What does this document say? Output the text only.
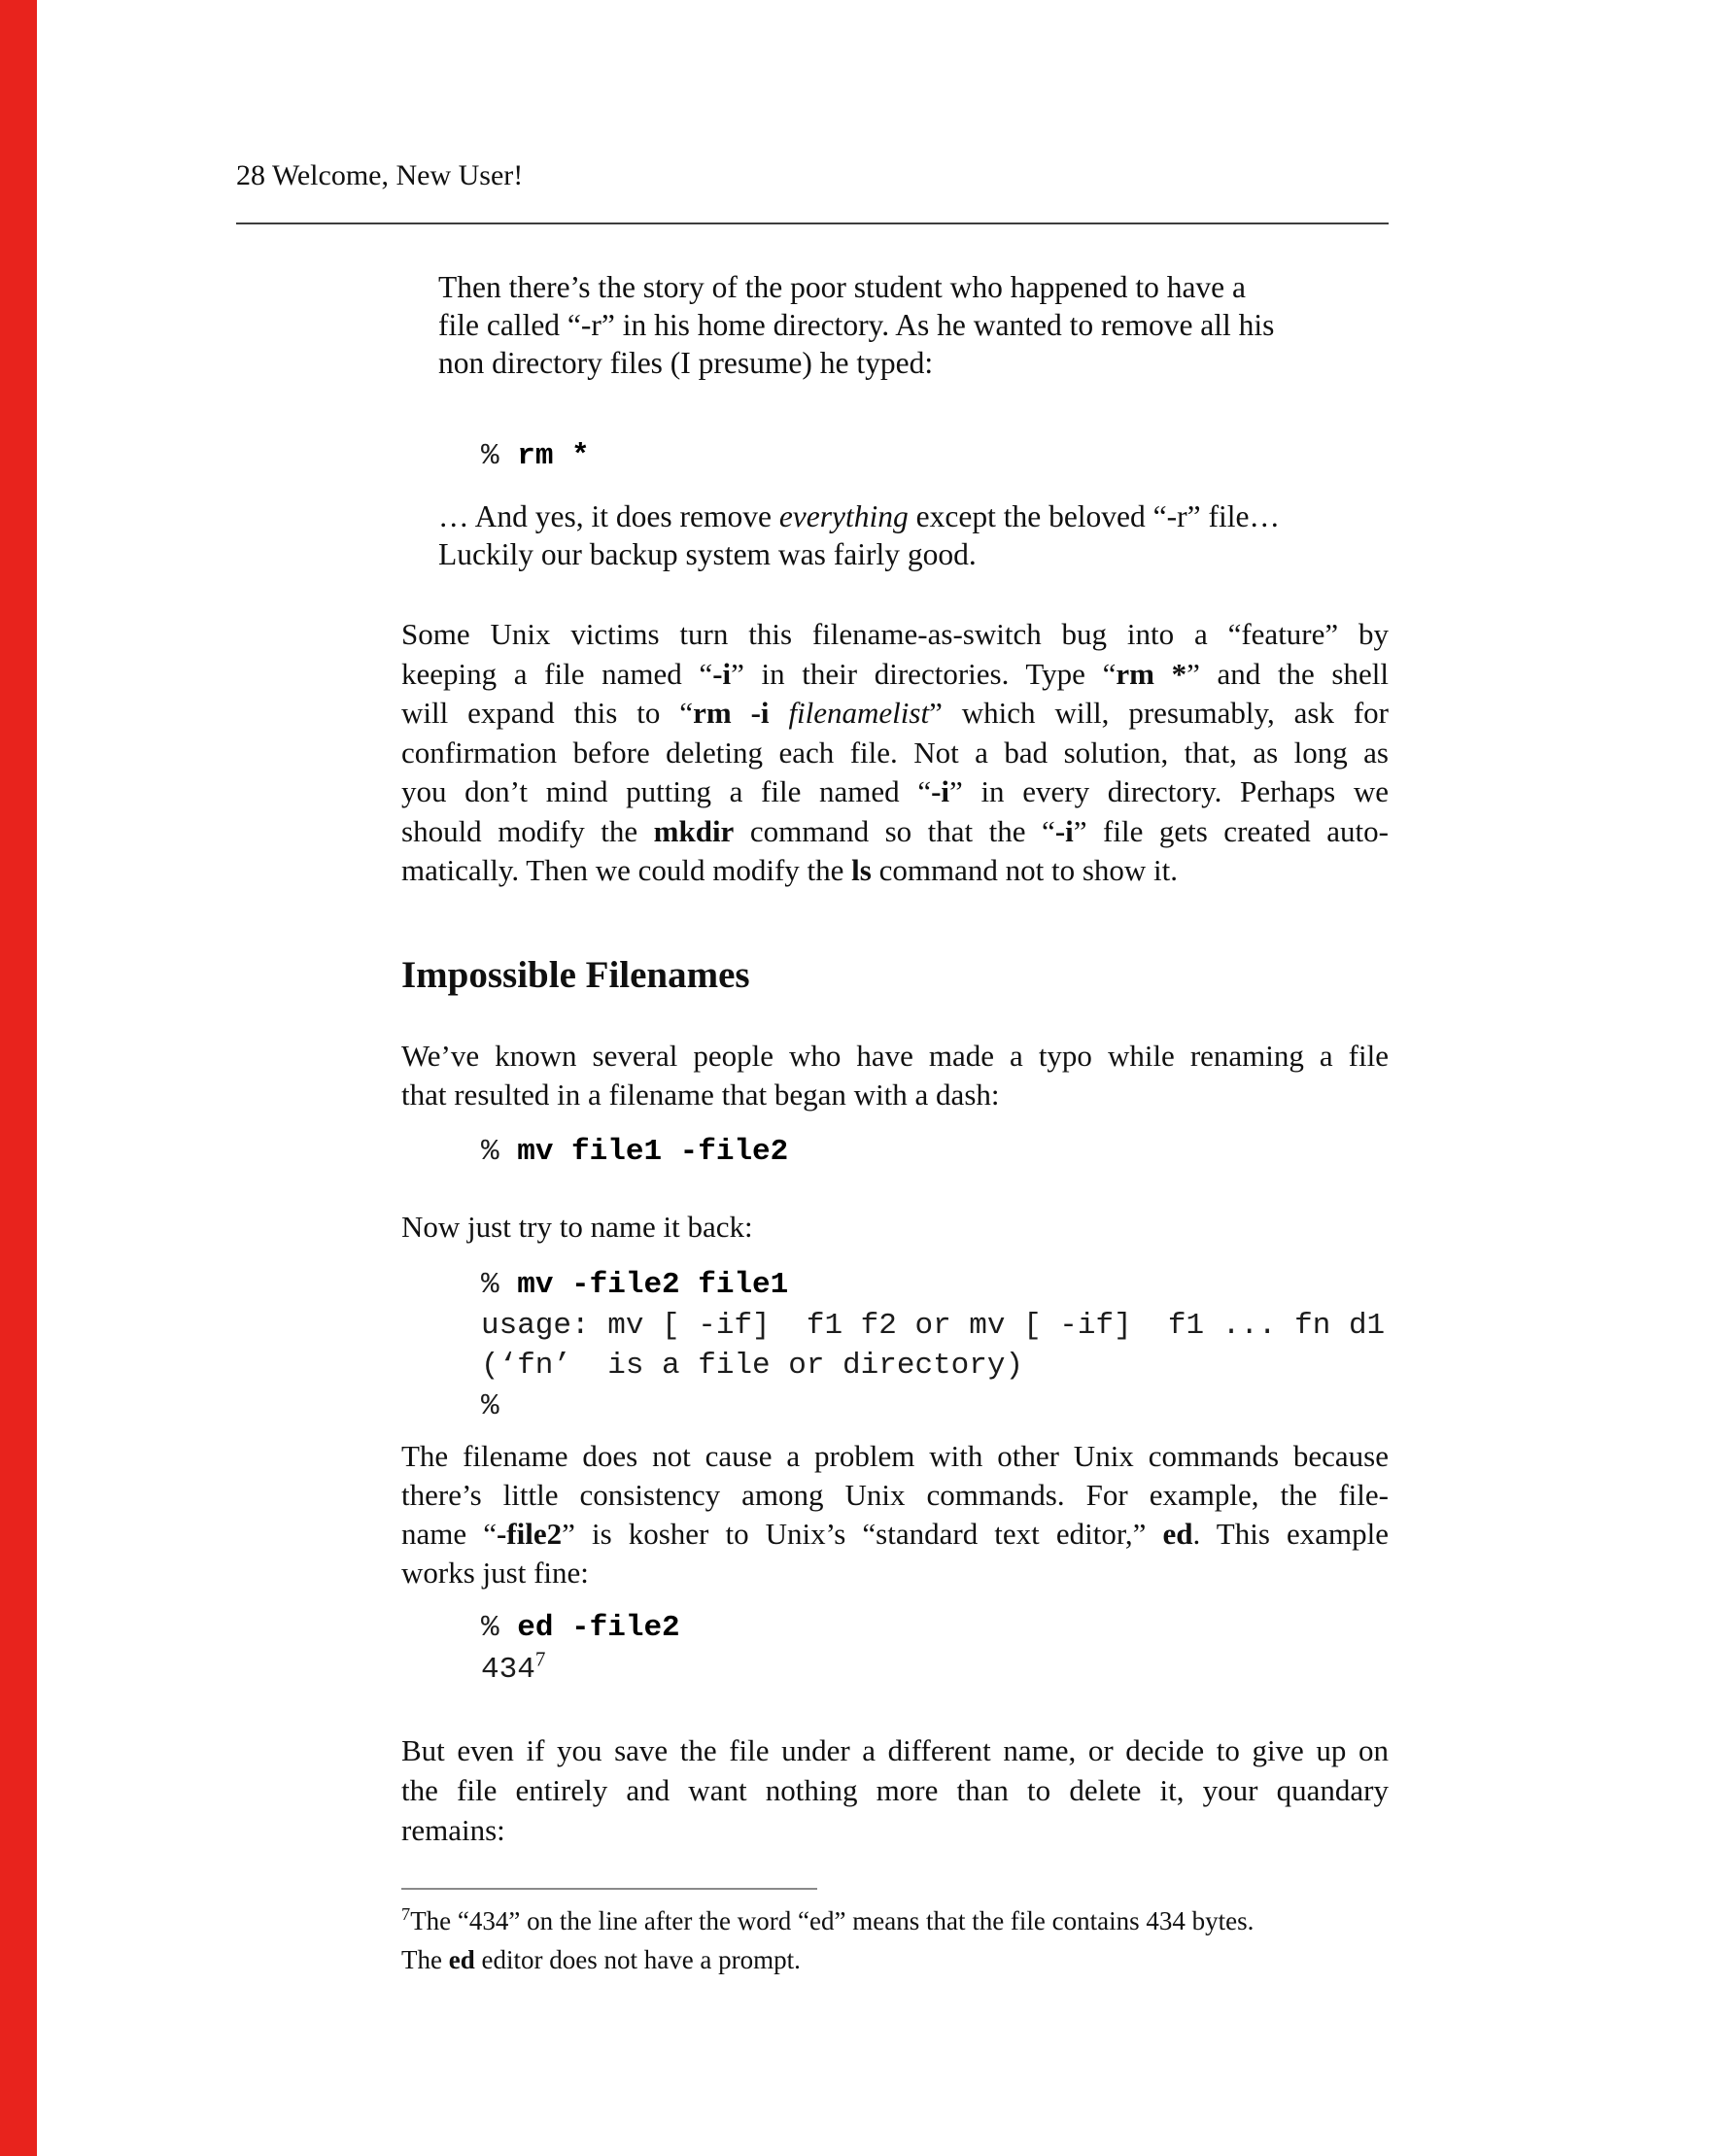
28 Welcome, New User!
Then there’s the story of the poor student who happened to have a
file called “-r” in his home directory. As he wanted to remove all his
non directory files (I presume) he typed:
% rm *
… And yes, it does remove everything except the beloved “-r” file…
Luckily our backup system was fairly good.
Some Unix victims turn this filename-as-switch bug into a “feature” by
keeping a file named “-i” in their directories. Type “rm *” and the shell
will expand this to “rm -i filenamelist” which will, presumably, ask for
confirmation before deleting each file. Not a bad solution, that, as long as
you don’t mind putting a file named “-i” in every directory. Perhaps we
should modify the mkdir command so that the “-i” file gets created auto-
matically. Then we could modify the ls command not to show it.
Impossible Filenames
We’ve known several people who have made a typo while renaming a file
that resulted in a filename that began with a dash:
% mv file1 -file2
Now just try to name it back:
% mv -file2 file1
usage: mv [ -if]  f1 f2 or mv [ -if]  f1 ... fn d1
(‘fn’  is a file or directory)
%
The filename does not cause a problem with other Unix commands because
there’s little consistency among Unix commands. For example, the file-
name “-file2” is kosher to Unix’s “standard text editor,” ed. This example
works just fine:
% ed -file2
$434^7$
But even if you save the file under a different name, or decide to give up on
the file entirely and want nothing more than to delete it, your quandary
remains:
$^7$The “434” on the line after the word “ed” means that the file contains 434 bytes.
The ed editor does not have a prompt.
